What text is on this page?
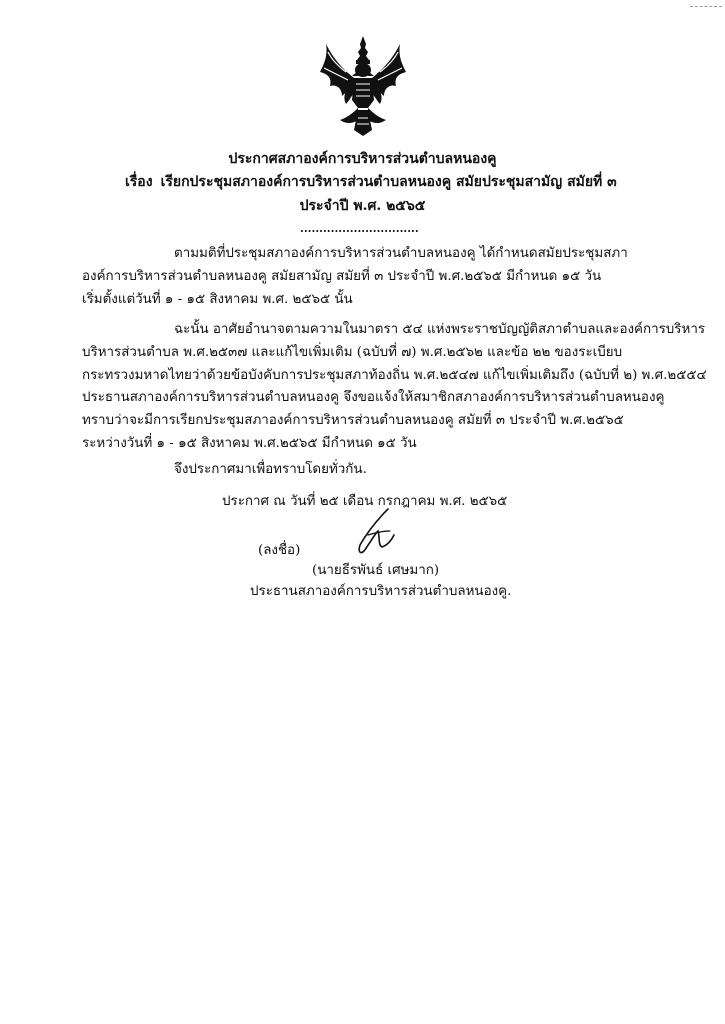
ประกาศสภาองค์การบริหารส่วนตำบลหนองคู
เรื่อง เรียกประชุมสภาองค์การบริหารส่วนตำบลหนองคู สมัยประชุมสามัญ สมัยที่ ๓
ประจำปี พ.ศ. ๒๕๖๕
...............................
ตามมติที่ประชุมสภาองค์การบริหารส่วนตำบลหนองคู ได้กำหนดสมัยประชุมสภา
องค์การบริหารส่วนตำบลหนองคู สมัยสามัญ สมัยที่ ๓ ประจำปี พ.ศ.๒๕๖๕ มีกำหนด ๑๕ วัน
เริ่มตั้งแต่วันที่ ๑ - ๑๕ สิงหาคม พ.ศ. ๒๕๖๕ นั้น
ฉะนั้น อาศัยอำนาจตามความในมาตรา ๕๔ แห่งพระราชบัญญัติสภาตำบลและองค์การบริหาร
บริหารส่วนตำบล พ.ศ.๒๕๓๗ และแก้ไขเพิ่มเติม (ฉบับที่ ๗) พ.ศ.๒๕๖๒ และข้อ ๒๒ ของระเบียบ
กระทรวงมหาดไทยว่าด้วยข้อบังคับการประชุมสภาท้องถิ่น พ.ศ.๒๕๔๗ แก้ไขเพิ่มเติมถึง (ฉบับที่ ๒) พ.ศ.๒๕๕๔
ประธานสภาองค์การบริหารส่วนตำบลหนองคู จึงขอแจ้งให้สมาชิกสภาองค์การบริหารส่วนตำบลหนองคู
ทราบว่าจะมีการเรียกประชุมสภาองค์การบริหารส่วนตำบลหนองคู สมัยที่ ๓ ประจำปี พ.ศ.๒๕๖๕
ระหว่างวันที่ ๑ - ๑๕ สิงหาคม พ.ศ.๒๕๖๕ มีกำหนด ๑๕ วัน
จึงประกาศมาเพื่อทราบโดยทั่วกัน.
ประกาศ ณ วันที่ ๒๕ เดือน กรกฎาคม พ.ศ. ๒๕๖๕
(ลงชื่อ)
(นายธีรพันธ์ เศษมาก)
ประธานสภาองค์การบริหารส่วนตำบลหนองคู.
